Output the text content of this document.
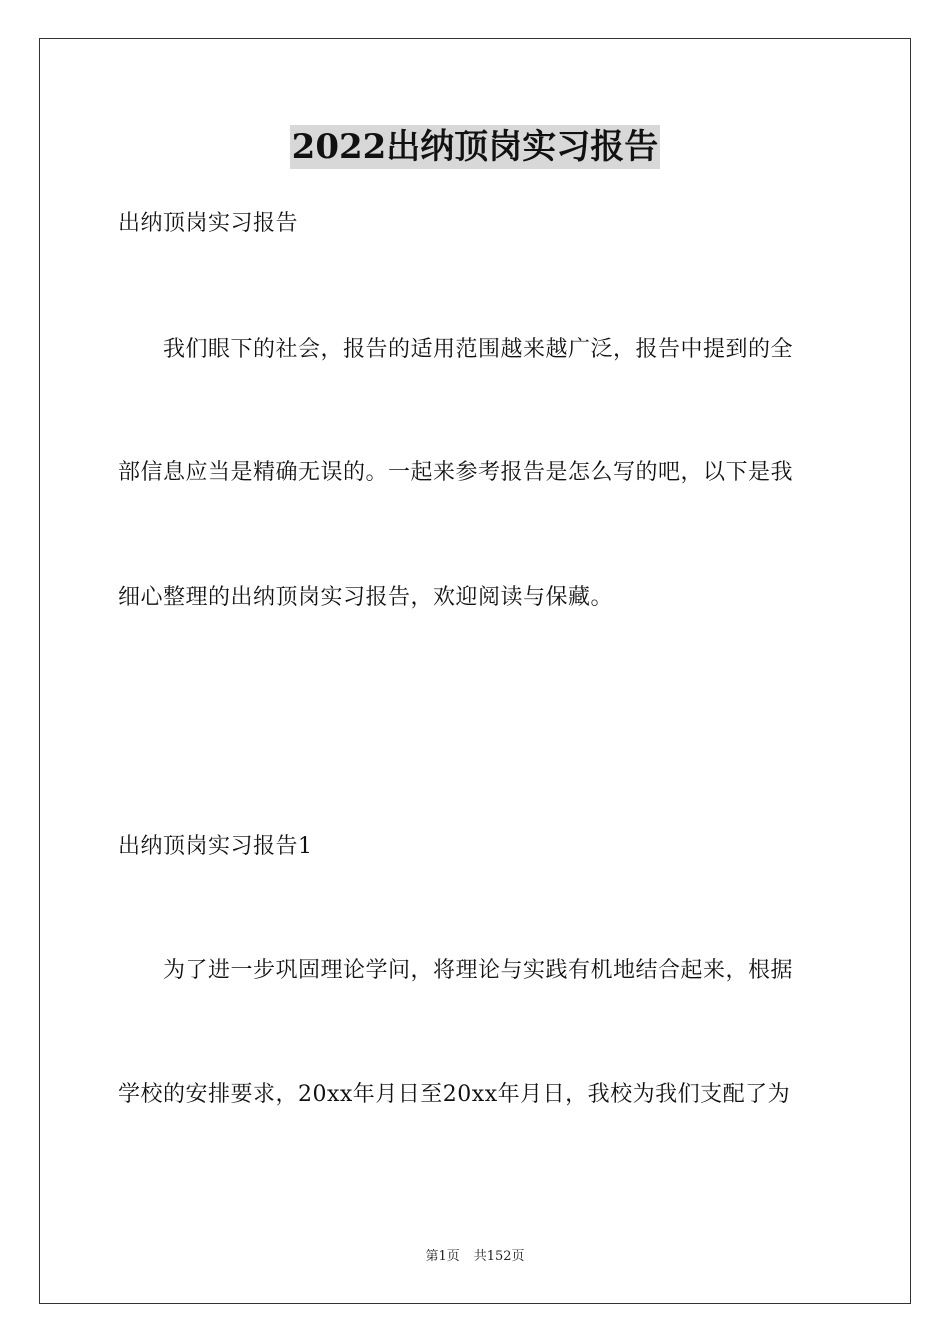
2022出纳顶岗实习报告
出纳顶岗实习报告
我们眼下的社会，报告的适用范围越来越广泛，报告中提到的全
部信息应当是精确无误的。一起来参考报告是怎么写的吧，以下是我
细心整理的出纳顶岗实习报告，欢迎阅读与保藏。
出纳顶岗实习报告1
为了进一步巩固理论学问，将理论与实践有机地结合起来，根据
学校的安排要求，20xx年月日至20xx年月日，我校为我们支配了为
第1页 共152页
